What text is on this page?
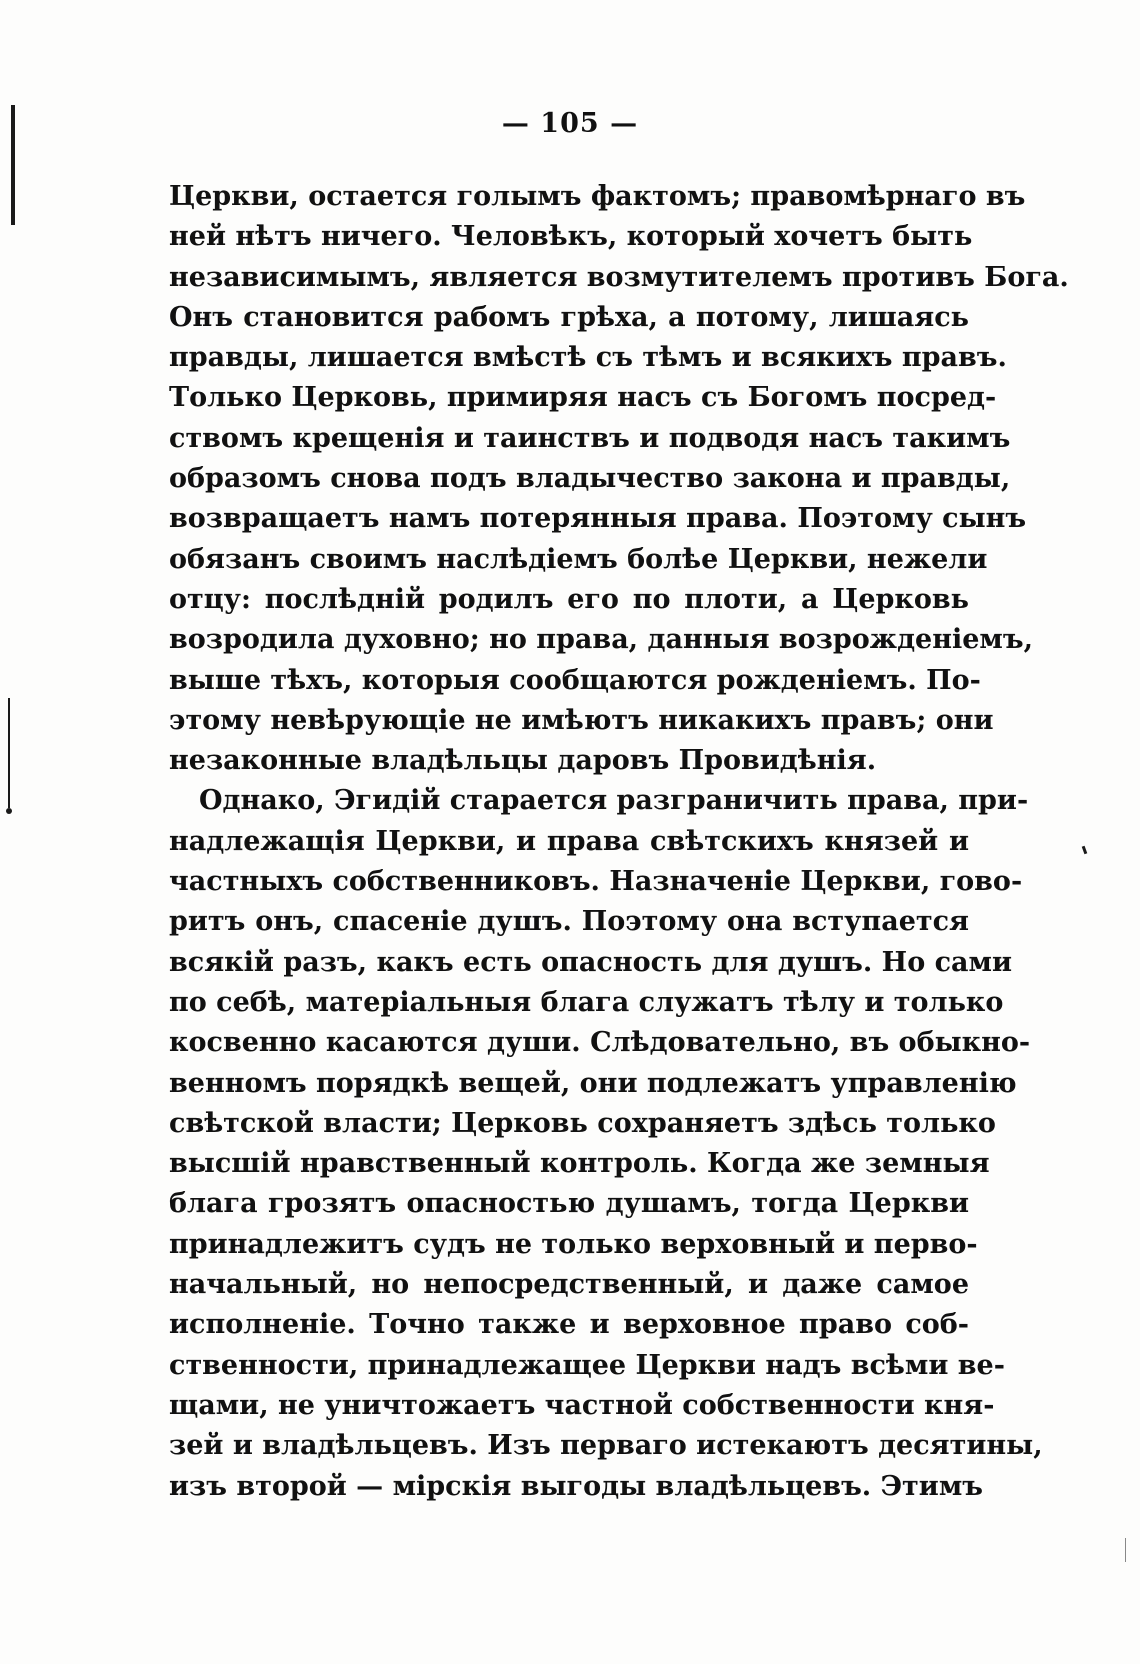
— 105 —
Церкви, остается голымъ фактомъ; правомѣрнаго въ
ней нѣтъ ничего. Человѣкъ, который хочетъ быть
независимымъ, является возмутителемъ противъ Бога.
Онъ становится рабомъ грѣха, а потому, лишаясь
правды, лишается вмѣстѣ съ тѣмъ и всякихъ правъ.
Только Церковь, примиряя насъ съ Богомъ посред-
ствомъ крещенія и таинствъ и подводя насъ такимъ
образомъ снова подъ владычество закона и правды,
возвращаетъ намъ потерянныя права. Поэтому сынъ
обязанъ своимъ наслѣдіемъ болѣе Церкви, нежели
отцу: послѣдній родилъ его по плоти, а Церковь
возродила духовно; но права, данныя возрожденіемъ,
выше тѣхъ, которыя сообщаются рожденіемъ. По-
этому невѣрующіе не имѣютъ никакихъ правъ; они
незаконные владѣльцы даровъ Провидѣнія.
Однако, Эгидій старается разграничить права, при-
надлежащія Церкви, и права свѣтскихъ князей и
частныхъ собственниковъ. Назначеніе Церкви, гово-
ритъ онъ, спасеніе душъ. Поэтому она вступается
всякій разъ, какъ есть опасность для душъ. Но сами
по себѣ, матеріальныя блага служатъ тѣлу и только
косвенно касаются души. Слѣдовательно, въ обыкно-
венномъ порядкѣ вещей, они подлежатъ управленію
свѣтской власти; Церковь сохраняетъ здѣсь только
высшій нравственный контроль. Когда же земныя
блага грозятъ опасностью душамъ, тогда Церкви
принадлежитъ судъ не только верховный и перво-
начальный, но непосредственный, и даже самое
исполненіе. Точно также и верховное право соб-
ственности, принадлежащее Церкви надъ всѣми ве-
щами, не уничтожаетъ частной собственности кня-
зей и владѣльцевъ. Изъ перваго истекаютъ десятины,
изъ второй — мірскія выгоды владѣльцевъ. Этимъ
